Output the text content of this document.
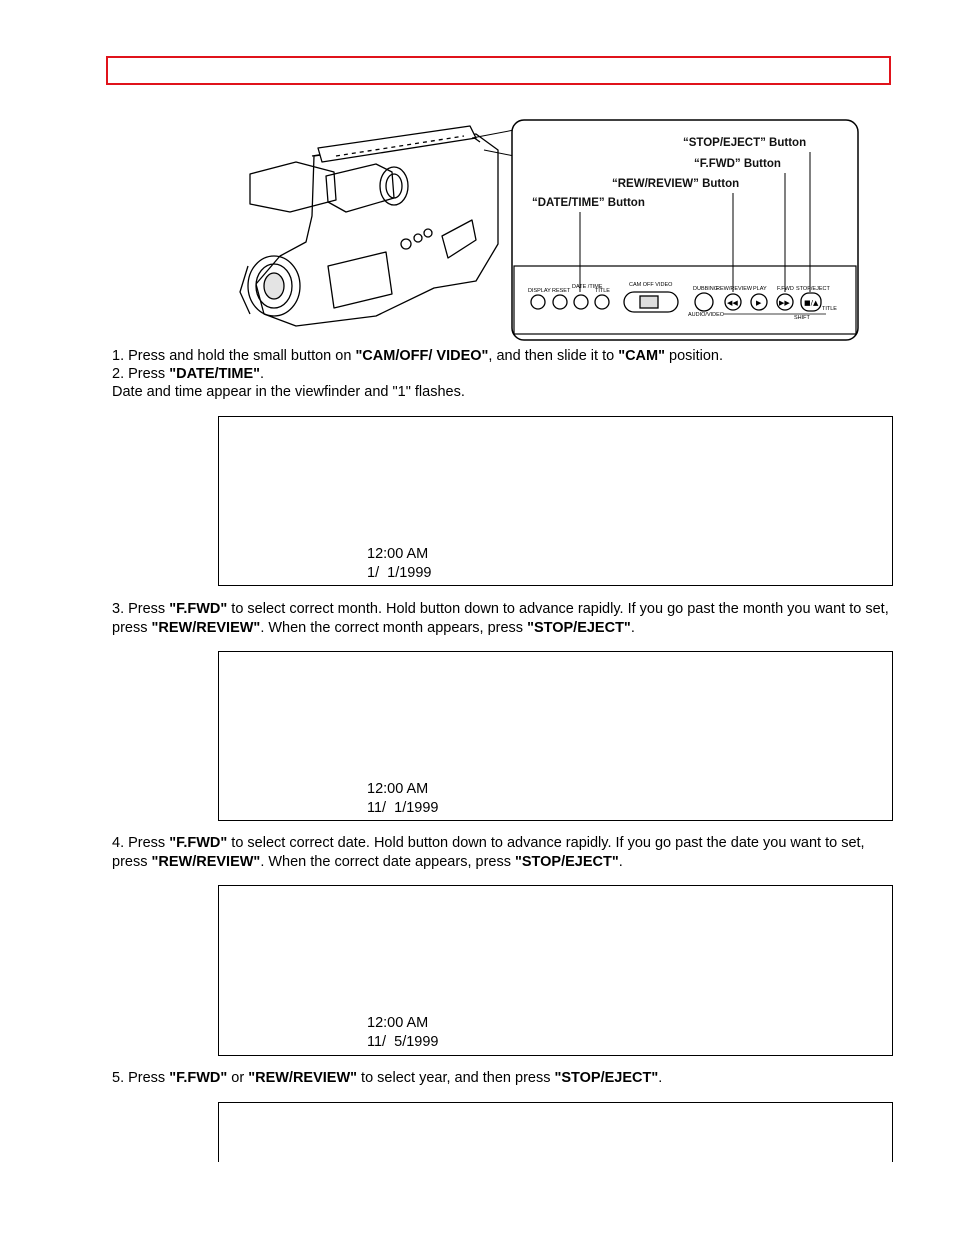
“STOP/EJECT” Button
“F.FWD” Button
“REW/REVIEW” Button
“DATE/TIME” Button
DISPLAY RESET
DATE /TIME
TITLE
CAM OFF VIDEO
DUBBING
AUDIO/VIDEO
REW/REVIEW PLAY F.FWD STOP/EJECT
TITLE
SHIFT
◀◀	▶	▶▶ ■/▲
1. Press and hold the small button on "CAM/OFF/ VIDEO", and then slide it to "CAM" position.
2. Press "DATE/TIME".
Date and time appear in the viewfinder and "1" flashes.
12:00 AM
1/  1/1999
3. Press "F.FWD" to select correct month. Hold button down to advance rapidly. If you go past the month you want to set, press "REW/REVIEW". When the correct month appears, press "STOP/EJECT".
12:00 AM
11/  1/1999
4. Press "F.FWD" to select correct date. Hold button down to advance rapidly. If you go past the date you want to set, press "REW/REVIEW". When the correct date appears, press "STOP/EJECT".
12:00 AM
11/  5/1999
5. Press "F.FWD" or "REW/REVIEW" to select year, and then press "STOP/EJECT".
